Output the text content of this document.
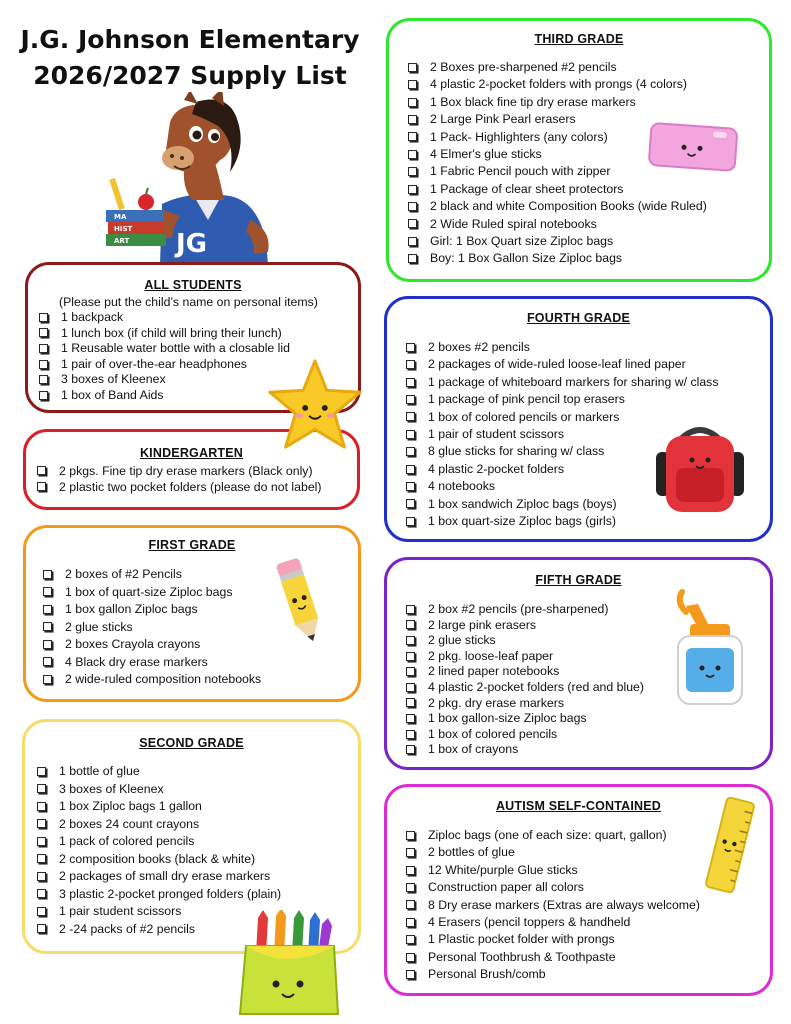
J.G. Johnson Elementary
2026/2027 Supply List
JG
MA
HIST
ART
ALL STUDENTS
(Please put the child’s name on personal items)
1 backpack
1 lunch box (if child will bring their lunch)
1 Reusable water bottle with a closable lid
1 pair of over-the-ear headphones
3 boxes of Kleenex
1 box of Band Aids
KINDERGARTEN
2 pkgs. Fine tip dry erase markers (Black only)
2 plastic two pocket folders (please do not label)
FIRST GRADE
2 boxes of #2 Pencils
1 box of quart-size Ziploc bags
1 box gallon Ziploc bags
2 glue sticks
2 boxes Crayola crayons
4 Black dry erase markers
2 wide-ruled composition notebooks
SECOND GRADE
1 bottle of glue
3 boxes of Kleenex
1 box Ziploc bags 1 gallon
2 boxes 24 count crayons
1 pack of colored pencils
2 composition books (black & white)
2 packages of small dry erase markers
3 plastic 2-pocket pronged folders (plain)
1 pair student scissors
2 -24 packs of #2 pencils
THIRD GRADE
2 Boxes pre-sharpened #2 pencils
4 plastic 2-pocket folders with prongs (4 colors)
1 Box black fine tip dry erase markers
2 Large Pink Pearl erasers
1 Pack- Highlighters (any colors)
4 Elmer's glue sticks
1 Fabric Pencil pouch with zipper
1 Package of clear sheet protectors
2 black and white Composition Books (wide Ruled)
2 Wide Ruled spiral notebooks
Girl: 1 Box Quart size Ziploc bags
Boy: 1 Box Gallon Size Ziploc bags
FOURTH GRADE
2 boxes #2 pencils
2 packages of wide-ruled loose-leaf lined paper
1 package of whiteboard markers for sharing w/ class
1 package of pink pencil top erasers
1 box of colored pencils or markers
1 pair of student scissors
8 glue sticks for sharing w/ class
4 plastic 2-pocket folders
4 notebooks
1 box sandwich Ziploc bags (boys)
1 box quart-size Ziploc bags (girls)
FIFTH GRADE
2 box #2 pencils (pre-sharpened)
2 large pink erasers
2 glue sticks
2 pkg. loose-leaf paper
2 lined paper notebooks
4 plastic 2-pocket folders (red and blue)
2 pkg. dry erase markers
1 box gallon-size Ziploc bags
1 box of colored pencils
1 box of crayons
AUTISM SELF-CONTAINED
Ziploc bags (one of each size: quart, gallon)
2 bottles of glue
12 White/purple Glue sticks
Construction paper all colors
8 Dry erase markers (Extras are always welcome)
4 Erasers (pencil toppers & handheld
1 Plastic pocket folder with prongs
Personal Toothbrush & Toothpaste
Personal Brush/comb
